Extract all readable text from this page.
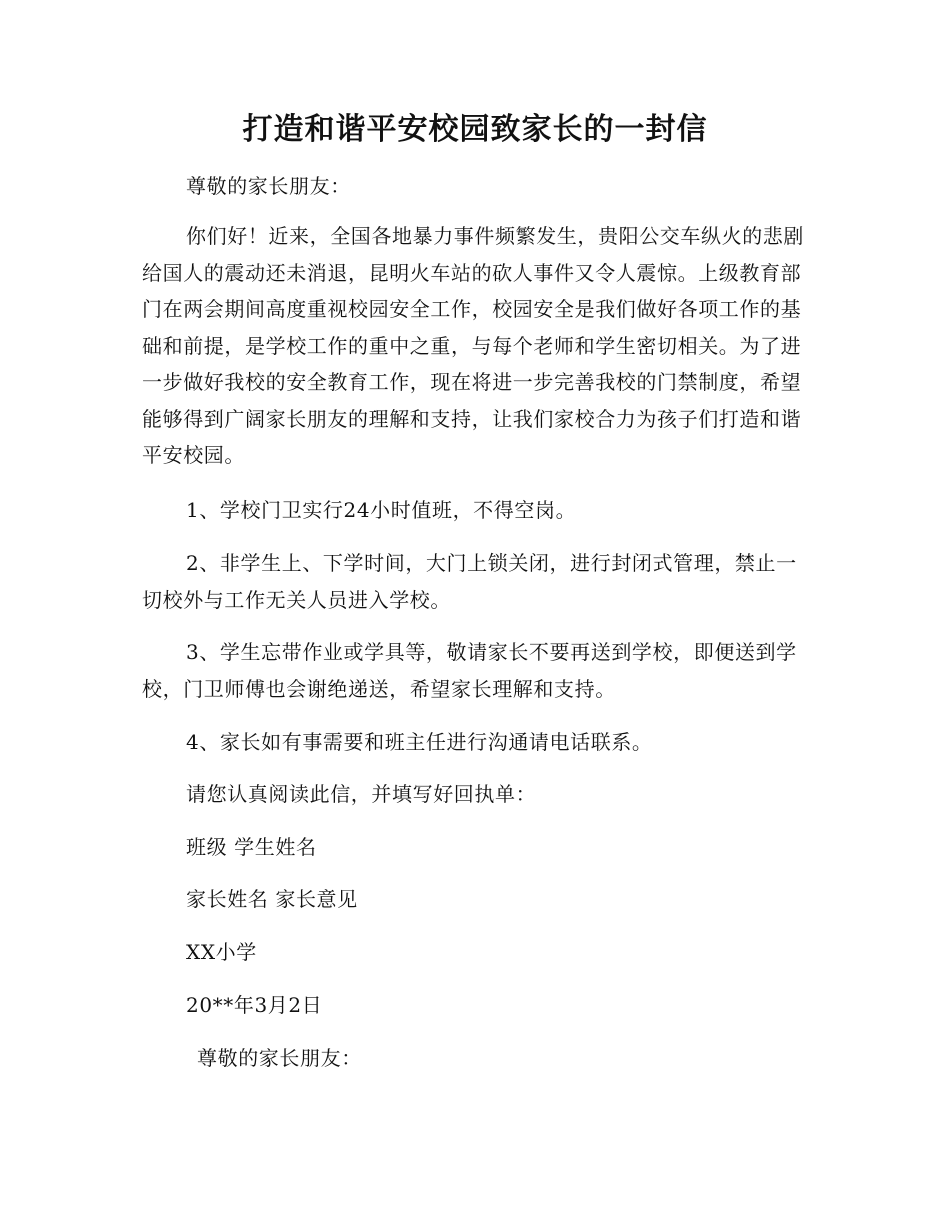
打造和谐平安校园致家长的一封信
尊敬的家长朋友：
你们好！近来，全国各地暴力事件频繁发生，贵阳公交车纵火的悲剧给国人的震动还未消退，昆明火车站的砍人事件又令人震惊。上级教育部门在两会期间高度重视校园安全工作，校园安全是我们做好各项工作的基础和前提，是学校工作的重中之重，与每个老师和学生密切相关。为了进一步做好我校的安全教育工作，现在将进一步完善我校的门禁制度，希望能够得到广阔家长朋友的理解和支持，让我们家校合力为孩子们打造和谐平安校园。
1、学校门卫实行24小时值班，不得空岗。
2、非学生上、下学时间，大门上锁关闭，进行封闭式管理，禁止一切校外与工作无关人员进入学校。
3、学生忘带作业或学具等，敬请家长不要再送到学校，即便送到学校，门卫师傅也会谢绝递送，希望家长理解和支持。
4、家长如有事需要和班主任进行沟通请电话联系。
请您认真阅读此信，并填写好回执单：
班级 学生姓名
家长姓名 家长意见
XX小学
20**年3月2日
尊敬的家长朋友：
